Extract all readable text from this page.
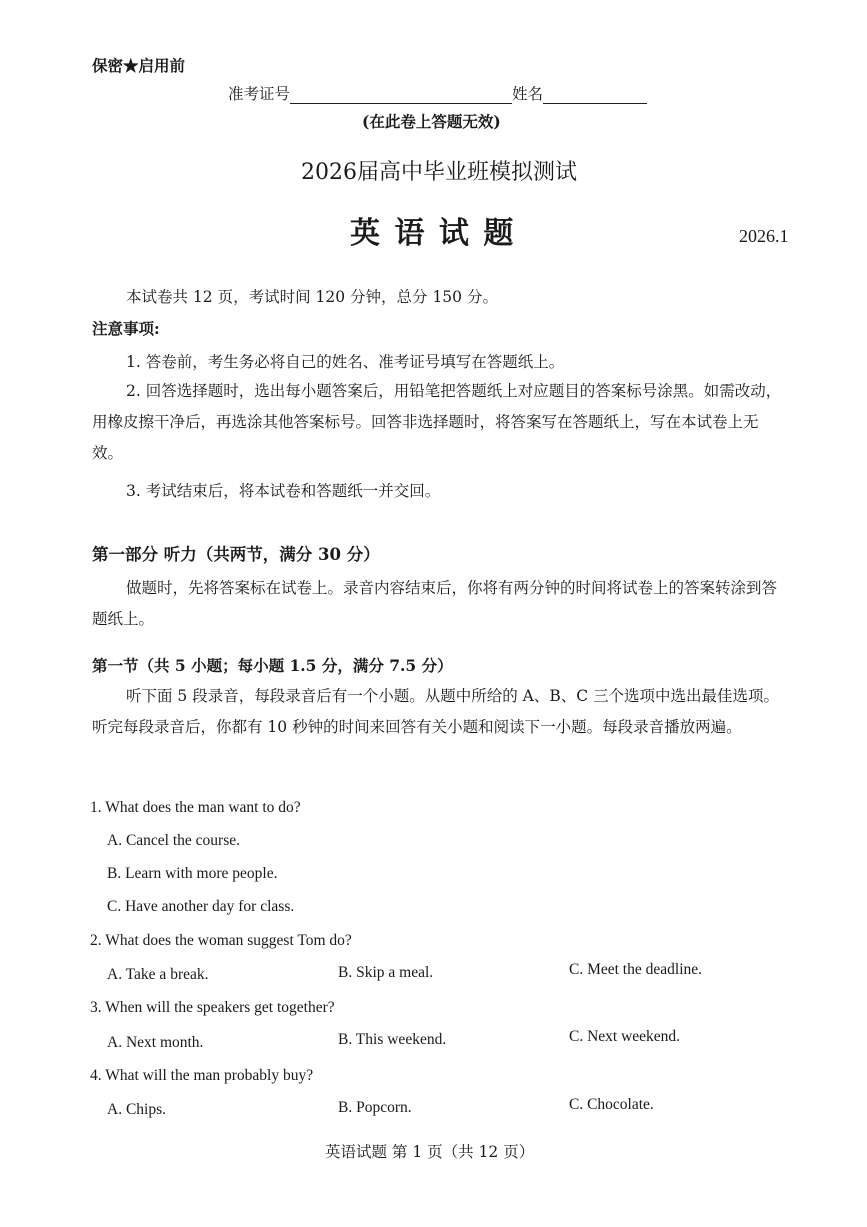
保密★启用前
准考证号	姓名
(在此卷上答题无效)
2026届高中毕业班模拟测试
英 语 试 题	2026.1
本试卷共 12 页，考试时间 120 分钟，总分 150 分。
注意事项:
1. 答卷前，考生务必将自己的姓名、准考证号填写在答题纸上。
2. 回答选择题时，选出每小题答案后，用铅笔把答题纸上对应题目的答案标号涂黑。如需改动，用橡皮擦干净后，再选涂其他答案标号。回答非选择题时，将答案写在答题纸上，写在本试卷上无效。
3. 考试结束后，将本试卷和答题纸一并交回。
第一部分 听力（共两节，满分 30 分）
做题时，先将答案标在试卷上。录音内容结束后，你将有两分钟的时间将试卷上的答案转涂到答题纸上。
第一节（共 5 小题；每小题 1.5 分，满分 7.5 分）
听下面 5 段录音，每段录音后有一个小题。从题中所给的 A、B、C 三个选项中选出最佳选项。听完每段录音后，你都有 10 秒钟的时间来回答有关小题和阅读下一小题。每段录音播放两遍。
1. What does the man want to do?
A. Cancel the course.
B. Learn with more people.
C. Have another day for class.
2. What does the woman suggest Tom do?
A. Take a break.	B. Skip a meal.	C. Meet the deadline.
3. When will the speakers get together?
A. Next month.	B. This weekend.	C. Next weekend.
4. What will the man probably buy?
A. Chips.	B. Popcorn.	C. Chocolate.
英语试题 第 1 页（共 12 页）
